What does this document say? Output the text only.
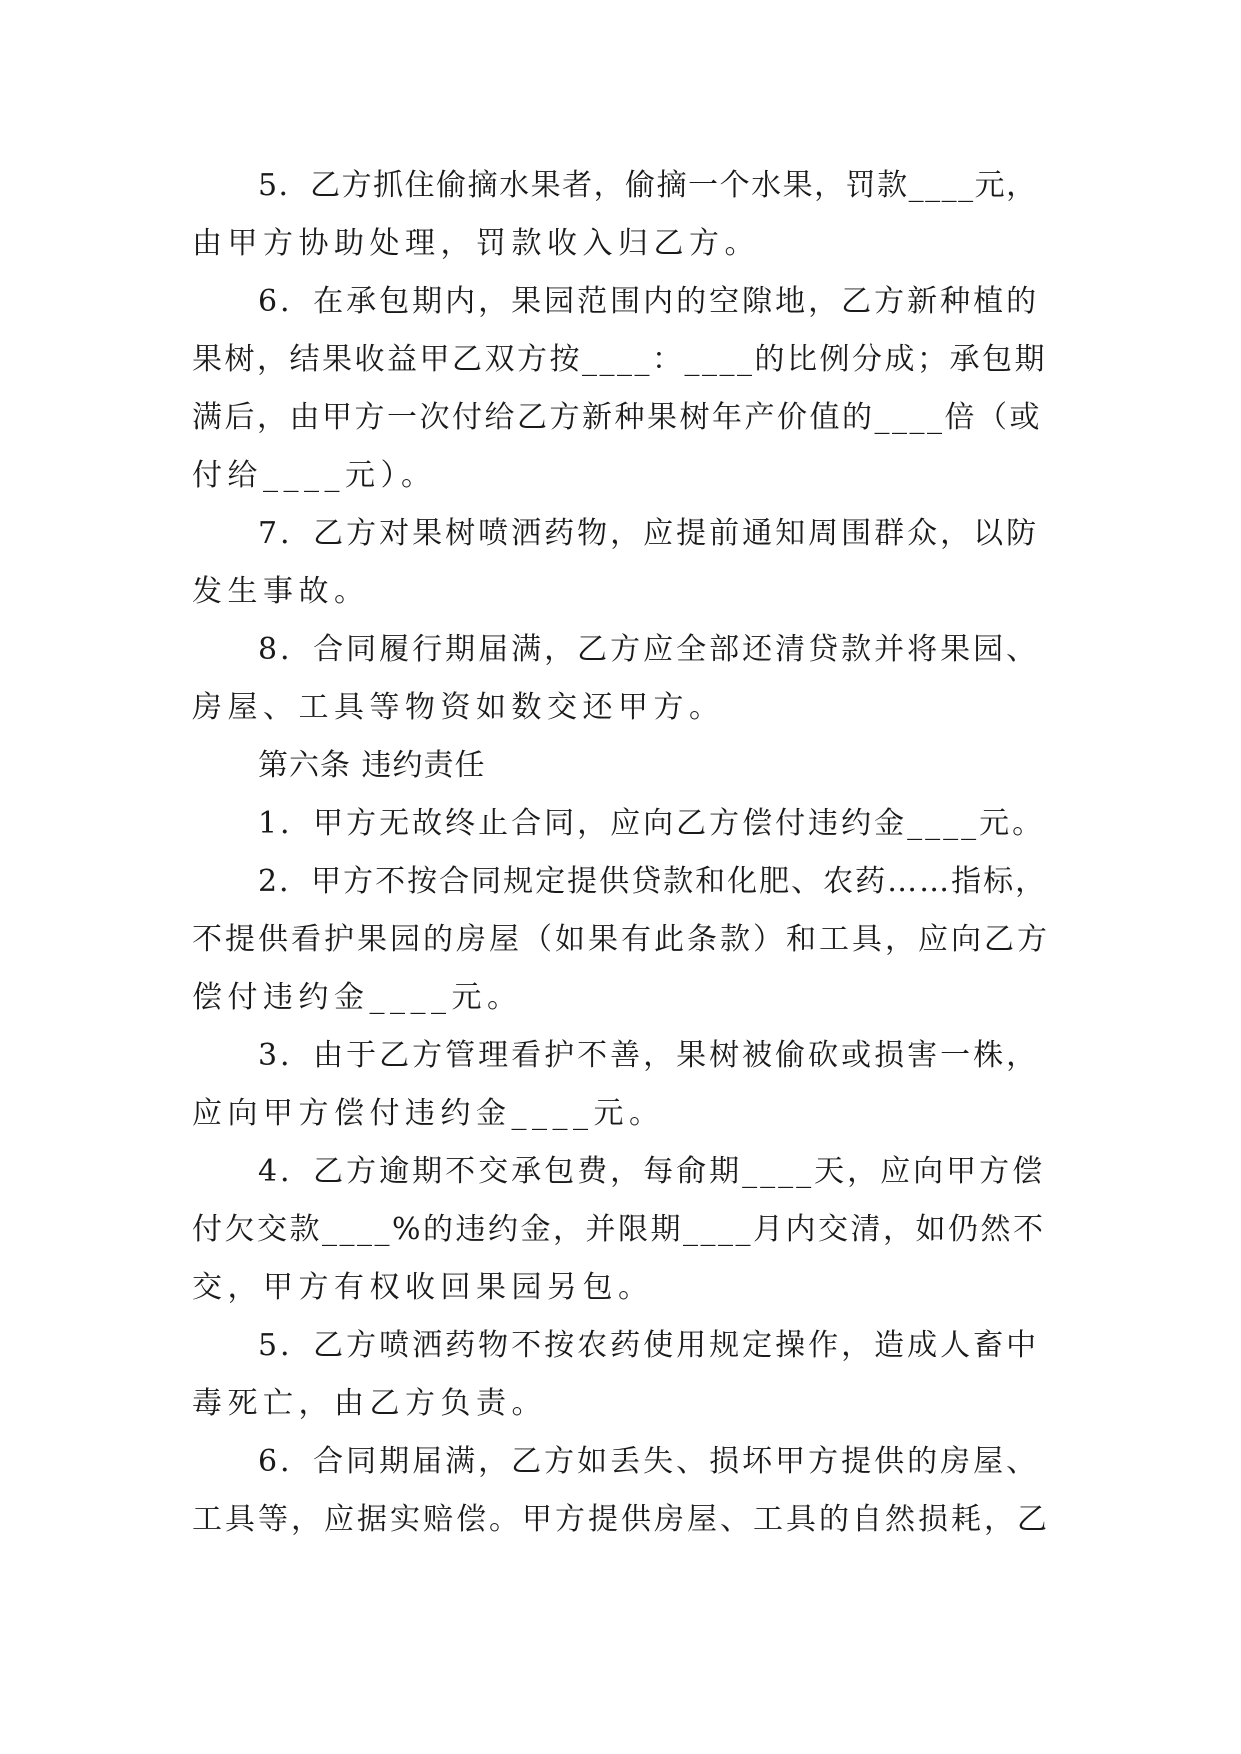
5．乙方抓住偷摘水果者，偷摘一个水果，罚款____元，
由甲方协助处理，罚款收入归乙方。
6．在承包期内，果园范围内的空隙地，乙方新种植的
果树，结果收益甲乙双方按____：____的比例分成；承包期
满后，由甲方一次付给乙方新种果树年产价值的____倍（或
付给____元）。
7．乙方对果树喷洒药物，应提前通知周围群众，以防
发生事故。
8．合同履行期届满，乙方应全部还清贷款并将果园、
房屋、工具等物资如数交还甲方。
第六条 违约责任
1．甲方无故终止合同，应向乙方偿付违约金____元。
2．甲方不按合同规定提供贷款和化肥、农药……指标，
不提供看护果园的房屋（如果有此条款）和工具，应向乙方
偿付违约金____元。
3．由于乙方管理看护不善，果树被偷砍或损害一株，
应向甲方偿付违约金____元。
4．乙方逾期不交承包费，每俞期____天，应向甲方偿
付欠交款____%的违约金，并限期____月内交清，如仍然不
交，甲方有权收回果园另包。
5．乙方喷洒药物不按农药使用规定操作，造成人畜中
毒死亡，由乙方负责。
6．合同期届满，乙方如丢失、损坏甲方提供的房屋、
工具等，应据实赔偿。甲方提供房屋、工具的自然损耗，乙
